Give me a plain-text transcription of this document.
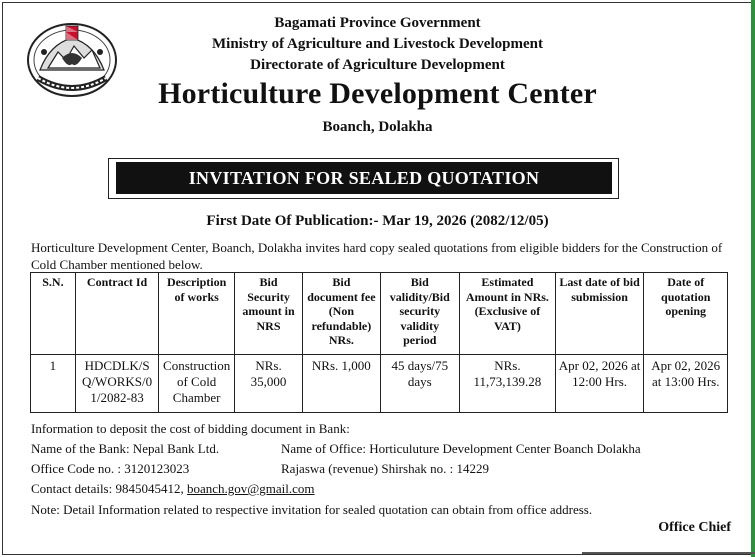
Bagamati Province Government
Ministry of Agriculture and Livestock Development
Directorate of Agriculture Development
Horticulture Development Center
Boanch, Dolakha
INVITATION FOR SEALED QUOTATION
First Date Of Publication:- Mar 19, 2026 (2082/12/05)
Horticulture Development Center, Boanch, Dolakha invites hard copy sealed quotations from eligible bidders for the Construction of Cold Chamber mentioned below.
S.N.	Contract Id	Description of works	Bid Security amount in NRS	Bid document fee (Non refundable) NRs.	Bid validity/Bid security validity period	Estimated Amount in NRs. (Exclusive of VAT)	Last date of bid submission	Date of quotation opening
1	HDCDLK/SQ/WORKS/01/2082-83	Construction of Cold Chamber	NRs. 35,000	NRs. 1,000	45 days/75 days	NRs. 11,73,139.28	Apr 02, 2026 at 12:00 Hrs.	Apr 02, 2026 at 13:00 Hrs.
Information to deposit the cost of bidding document in Bank:
Name of the Bank: Nepal Bank Ltd.	Name of Office: Horticuluture Development Center Boanch Dolakha
Office Code no. : 3120123023	Rajaswa (revenue) Shirshak no. : 14229
Contact details: 9845045412, boanch.gov@gmail.com
Note: Detail Information related to respective invitation for sealed quotation can obtain from office address.
Office Chief
